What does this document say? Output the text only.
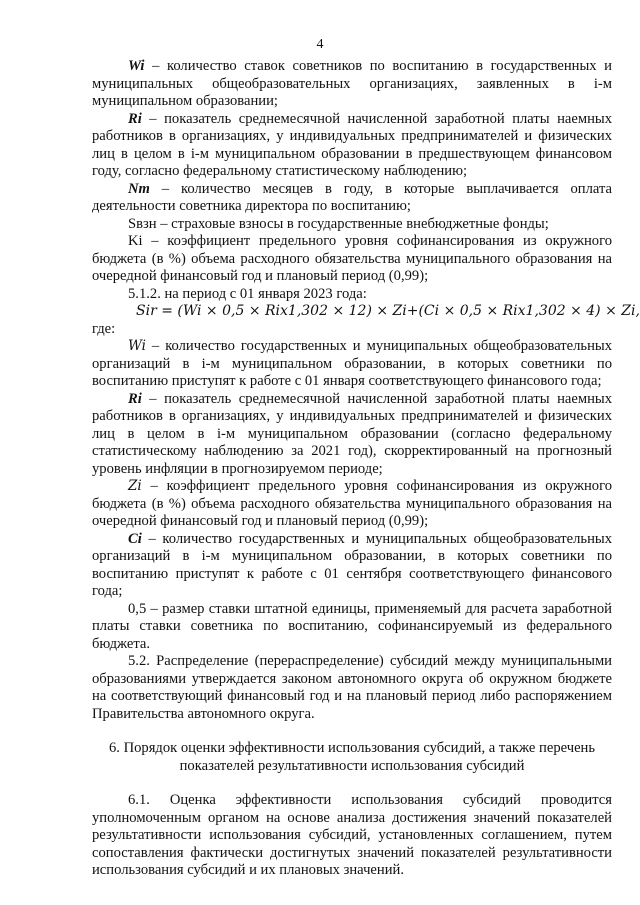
4

Wi – количество ставок советников по воспитанию в государственных и муниципальных общеобразовательных организациях, заявленных в i-м муниципальном образовании;

Ri – показатель среднемесячной начисленной заработной платы наемных работников в организациях, у индивидуальных предпринимателей и физических лиц в целом в i-м муниципальном образовании в предшествующем финансовом году, согласно федеральному статистическому наблюдению;

Nm – количество месяцев в году, в которые выплачивается оплата деятельности советника директора по воспитанию;

Sвзн – страховые взносы в государственные внебюджетные фонды;

Ki – коэффициент предельного уровня софинансирования из окружного бюджета (в %) объема расходного обязательства муниципального образования на очередной финансовый год и плановый период (0,99);

5.1.2. на период с 01 января 2023 года:

Sir = (Wi × 0,5 × Rix1,302 × 12) × Zi+(Ci × 0,5 × Rix1,302 × 4) × Zi,

где:

Wi – количество государственных и муниципальных общеобразовательных организаций в i-м муниципальном образовании, в которых советники по воспитанию приступят к работе с 01 января соответствующего финансового года;

Ri – показатель среднемесячной начисленной заработной платы наемных работников в организациях, у индивидуальных предпринимателей и физических лиц в целом в i-м муниципальном образовании (согласно федеральному статистическому наблюдению за 2021 год), скорректированный на прогнозный уровень инфляции в прогнозируемом периоде;

Zi – коэффициент предельного уровня софинансирования из окружного бюджета (в %) объема расходного обязательства муниципального образования на очередной финансовый год и плановый период (0,99);

Ci – количество государственных и муниципальных общеобразовательных организаций в i-м муниципальном образовании, в которых советники по воспитанию приступят к работе с 01 сентября соответствующего финансового года;

0,5 – размер ставки штатной единицы, применяемый для расчета заработной платы ставки советника по воспитанию, софинансируемый из федерального бюджета.

5.2. Распределение (перераспределение) субсидий между муниципальными образованиями утверждается законом автономного округа об окружном бюджете на соответствующий финансовый год и на плановый период либо распоряжением Правительства автономного округа.

6. Порядок оценки эффективности использования субсидий, а также перечень показателей результативности использования субсидий

6.1. Оценка эффективности использования субсидий проводится уполномоченным органом на основе анализа достижения значений показателей результативности использования субсидий, установленных соглашением, путем сопоставления фактически достигнутых значений показателей результативности использования субсидий и их плановых значений.
